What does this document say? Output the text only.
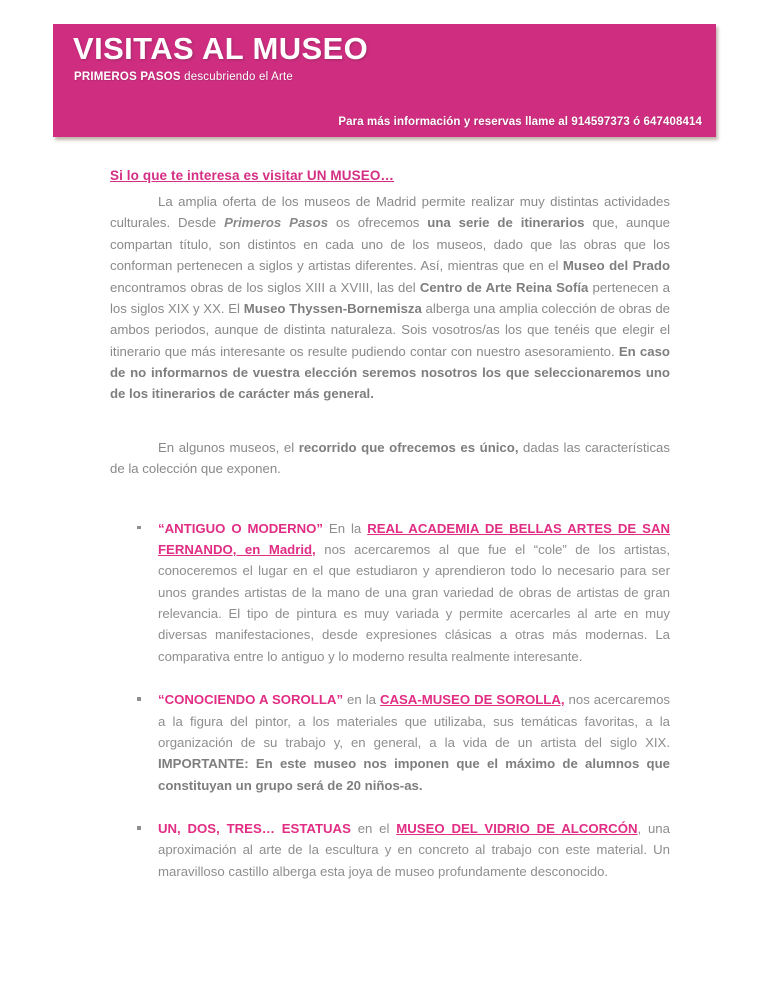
VISITAS AL MUSEO
PRIMEROS PASOS descubriendo el Arte
Para más información y reservas llame al 914597373 ó 647408414
Si lo que te interesa es visitar UN MUSEO…

La amplia oferta de los museos de Madrid permite realizar muy distintas actividades culturales. Desde Primeros Pasos os ofrecemos una serie de itinerarios que, aunque compartan título, son distintos en cada uno de los museos, dado que las obras que los conforman pertenecen a siglos y artistas diferentes. Así, mientras que en el Museo del Prado encontramos obras de los siglos XIII a XVIII, las del Centro de Arte Reina Sofía pertenecen a los siglos XIX y XX. El Museo Thyssen-Bornemisza alberga una amplia colección de obras de ambos periodos, aunque de distinta naturaleza. Sois vosotros/as los que tenéis que elegir el itinerario que más interesante os resulte pudiendo contar con nuestro asesoramiento. En caso de no informarnos de vuestra elección seremos nosotros los que seleccionaremos uno de los itinerarios de carácter más general.

En algunos museos, el recorrido que ofrecemos es único, dadas las características de la colección que exponen.

“ANTIGUO O MODERNO” En la REAL ACADEMIA DE BELLAS ARTES DE SAN FERNANDO, en Madrid, nos acercaremos al que fue el “cole” de los artistas, conoceremos el lugar en el que estudiaron y aprendieron todo lo necesario para ser unos grandes artistas de la mano de una gran variedad de obras de artistas de gran relevancia. El tipo de pintura es muy variada y permite acercarles al arte en muy diversas manifestaciones, desde expresiones clásicas a otras más modernas. La comparativa entre lo antiguo y lo moderno resulta realmente interesante.
“CONOCIENDO A SOROLLA” en la CASA-MUSEO DE SOROLLA, nos acercaremos a la figura del pintor, a los materiales que utilizaba, sus temáticas favoritas, a la organización de su trabajo y, en general, a la vida de un artista del siglo XIX. IMPORTANTE: En este museo nos imponen que el máximo de alumnos que constituyan un grupo será de 20 niños-as.
UN, DOS, TRES… ESTATUAS en el MUSEO DEL VIDRIO DE ALCORCÓN, una aproximación al arte de la escultura y en concreto al trabajo con este material. Un maravilloso castillo alberga esta joya de museo profundamente desconocido.
